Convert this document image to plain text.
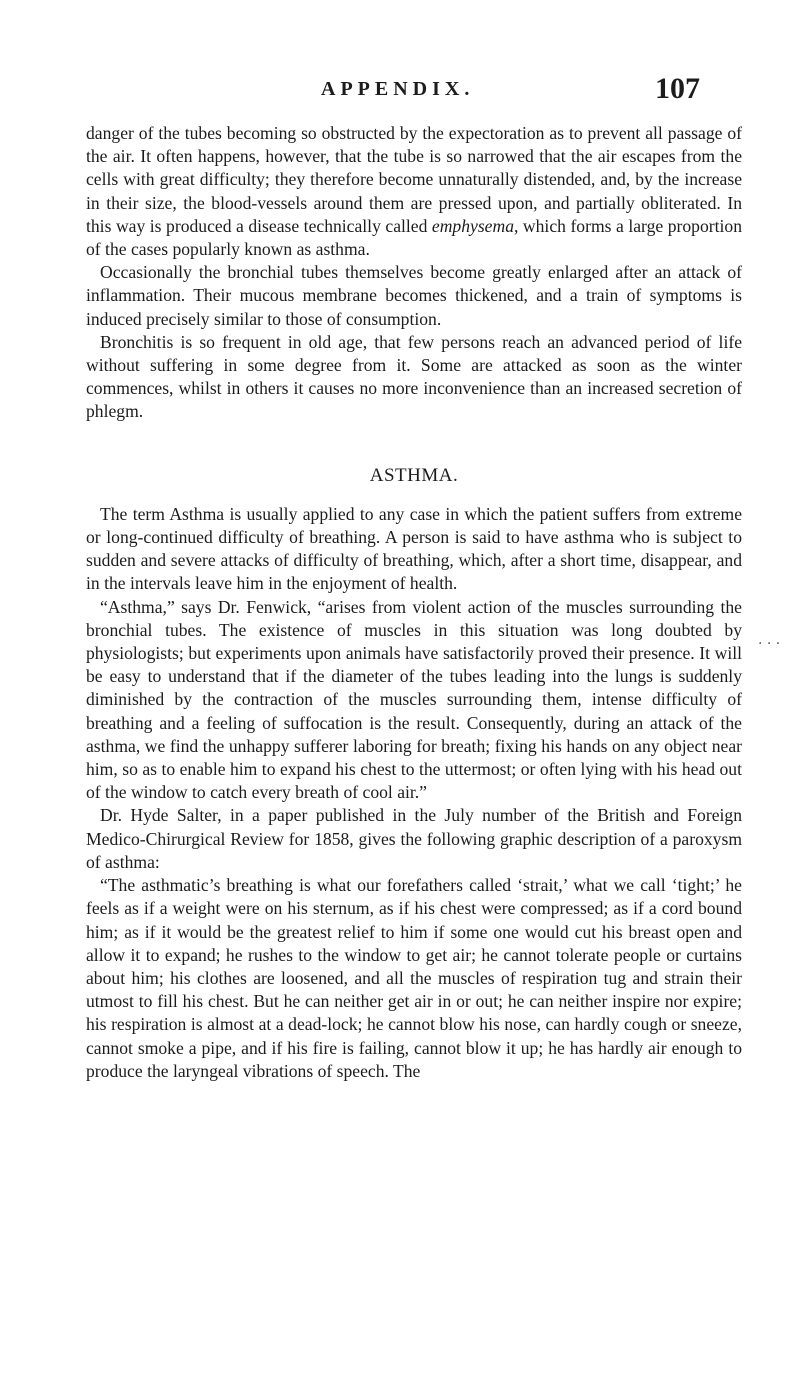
APPENDIX.	107
. . .

danger of the tubes becoming so obstructed by the expectoration as to prevent all passage of the air. It often happens, however, that the tube is so narrowed that the air escapes from the cells with great difficulty; they therefore become unnaturally distended, and, by the increase in their size, the blood-vessels around them are pressed upon, and partially obliterated. In this way is produced a disease technically called emphysema, which forms a large proportion of the cases popularly known as asthma.

Occasionally the bronchial tubes themselves become greatly enlarged after an attack of inflammation. Their mucous membrane becomes thickened, and a train of symptoms is induced precisely similar to those of consumption.

Bronchitis is so frequent in old age, that few persons reach an advanced period of life without suffering in some degree from it. Some are attacked as soon as the winter commences, whilst in others it causes no more inconvenience than an increased secretion of phlegm.

ASTHMA.

The term Asthma is usually applied to any case in which the patient suffers from extreme or long-continued difficulty of breathing. A person is said to have asthma who is subject to sudden and severe attacks of difficulty of breathing, which, after a short time, disappear, and in the intervals leave him in the enjoyment of health.

“Asthma,” says Dr. Fenwick, “arises from violent action of the muscles surrounding the bronchial tubes. The existence of muscles in this situation was long doubted by physiologists; but experiments upon animals have satisfactorily proved their presence. It will be easy to understand that if the diameter of the tubes leading into the lungs is suddenly diminished by the contraction of the muscles surrounding them, intense difficulty of breathing and a feeling of suffocation is the result. Consequently, during an attack of the asthma, we find the unhappy sufferer laboring for breath; fixing his hands on any object near him, so as to enable him to expand his chest to the uttermost; or often lying with his head out of the window to catch every breath of cool air.”

Dr. Hyde Salter, in a paper published in the July number of the British and Foreign Medico-Chirurgical Review for 1858, gives the following graphic description of a paroxysm of asthma:

“The asthmatic’s breathing is what our forefathers called ‘strait,’ what we call ‘tight;’ he feels as if a weight were on his sternum, as if his chest were compressed; as if a cord bound him; as if it would be the greatest relief to him if some one would cut his breast open and allow it to expand; he rushes to the window to get air; he cannot tolerate people or curtains about him; his clothes are loosened, and all the muscles of respiration tug and strain their utmost to fill his chest. But he can neither get air in or out; he can neither inspire nor expire; his respiration is almost at a dead-lock; he cannot blow his nose, can hardly cough or sneeze, cannot smoke a pipe, and if his fire is failing, cannot blow it up; he has hardly air enough to produce the laryngeal vibrations of speech. The
